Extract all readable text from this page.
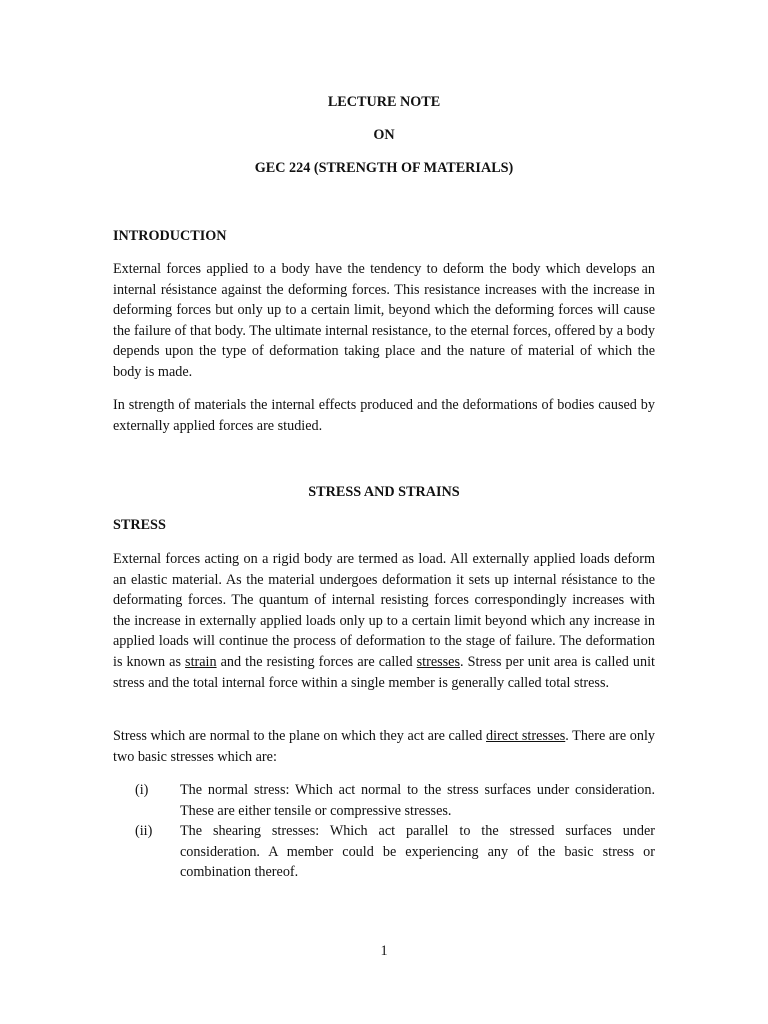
LECTURE NOTE
ON
GEC 224 (STRENGTH OF MATERIALS)
INTRODUCTION

External forces applied to a body have the tendency to deform the body which develops an internal résistance against the deforming forces. This resistance increases with the increase in deforming forces but only up to a certain limit, beyond which the deforming forces will cause the failure of that body. The ultimate internal resistance, to the eternal forces, offered by a body depends upon the type of deformation taking place and the nature of material of which the body is made.

In strength of materials the internal effects produced and the deformations of bodies caused by externally applied forces are studied.

STRESS AND STRAINS
STRESS

External forces acting on a rigid body are termed as load. All externally applied loads deform an elastic material. As the material undergoes deformation it sets up internal résistance to the deformating forces. The quantum of internal resisting forces correspondingly increases with the increase in externally applied loads only up to a certain limit beyond which any increase in applied loads will continue the process of deformation to the stage of failure. The deformation is known as strain and the resisting forces are called stresses. Stress per unit area is called unit stress and the total internal force within a single member is generally called total stress.

Stress which are normal to the plane on which they act are called direct stresses. There are only two basic stresses which are:

(i)	The normal stress: Which act normal to the stress surfaces under consideration. These are either tensile or compressive stresses.
(ii)	The shearing stresses: Which act parallel to the stressed surfaces under consideration. A member could be experiencing any of the basic stress or combination thereof.
1
